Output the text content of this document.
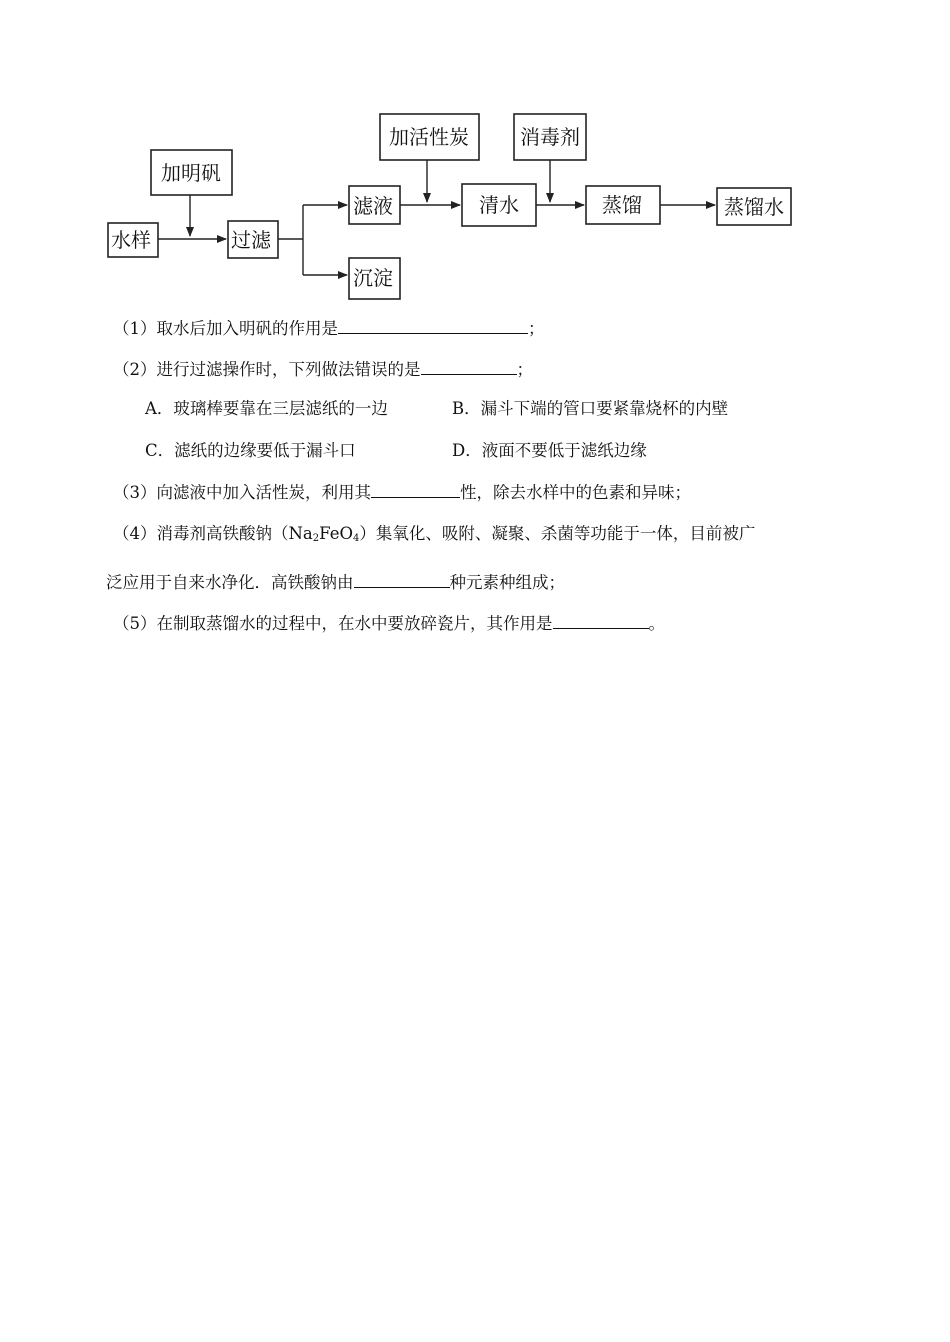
水样
加明矾
过滤
滤液
沉淀
加活性炭
清水
消毒剂
蒸馏	蒸馏水
（1）取水后加入明矾的作用是	；
（2）进行过滤操作时，下列做法错误的是	；
A．玻璃棒要靠在三层滤纸的一边	B．漏斗下端的管口要紧靠烧杯的内壁
C．滤纸的边缘要低于漏斗口	D．液面不要低于滤纸边缘
（3）向滤液中加入活性炭，利用其	性，除去水样中的色素和异味；
（4）消毒剂高铁酸钠$(Na_2FeO_4)$集氧化、吸附、凝聚、杀菌等功能于一体，目前被广
泛应用于自来水净化．高铁酸钠由	种元素种组成；
（5）在制取蒸馏水的过程中，在水中要放碎瓷片，其作用是	。
